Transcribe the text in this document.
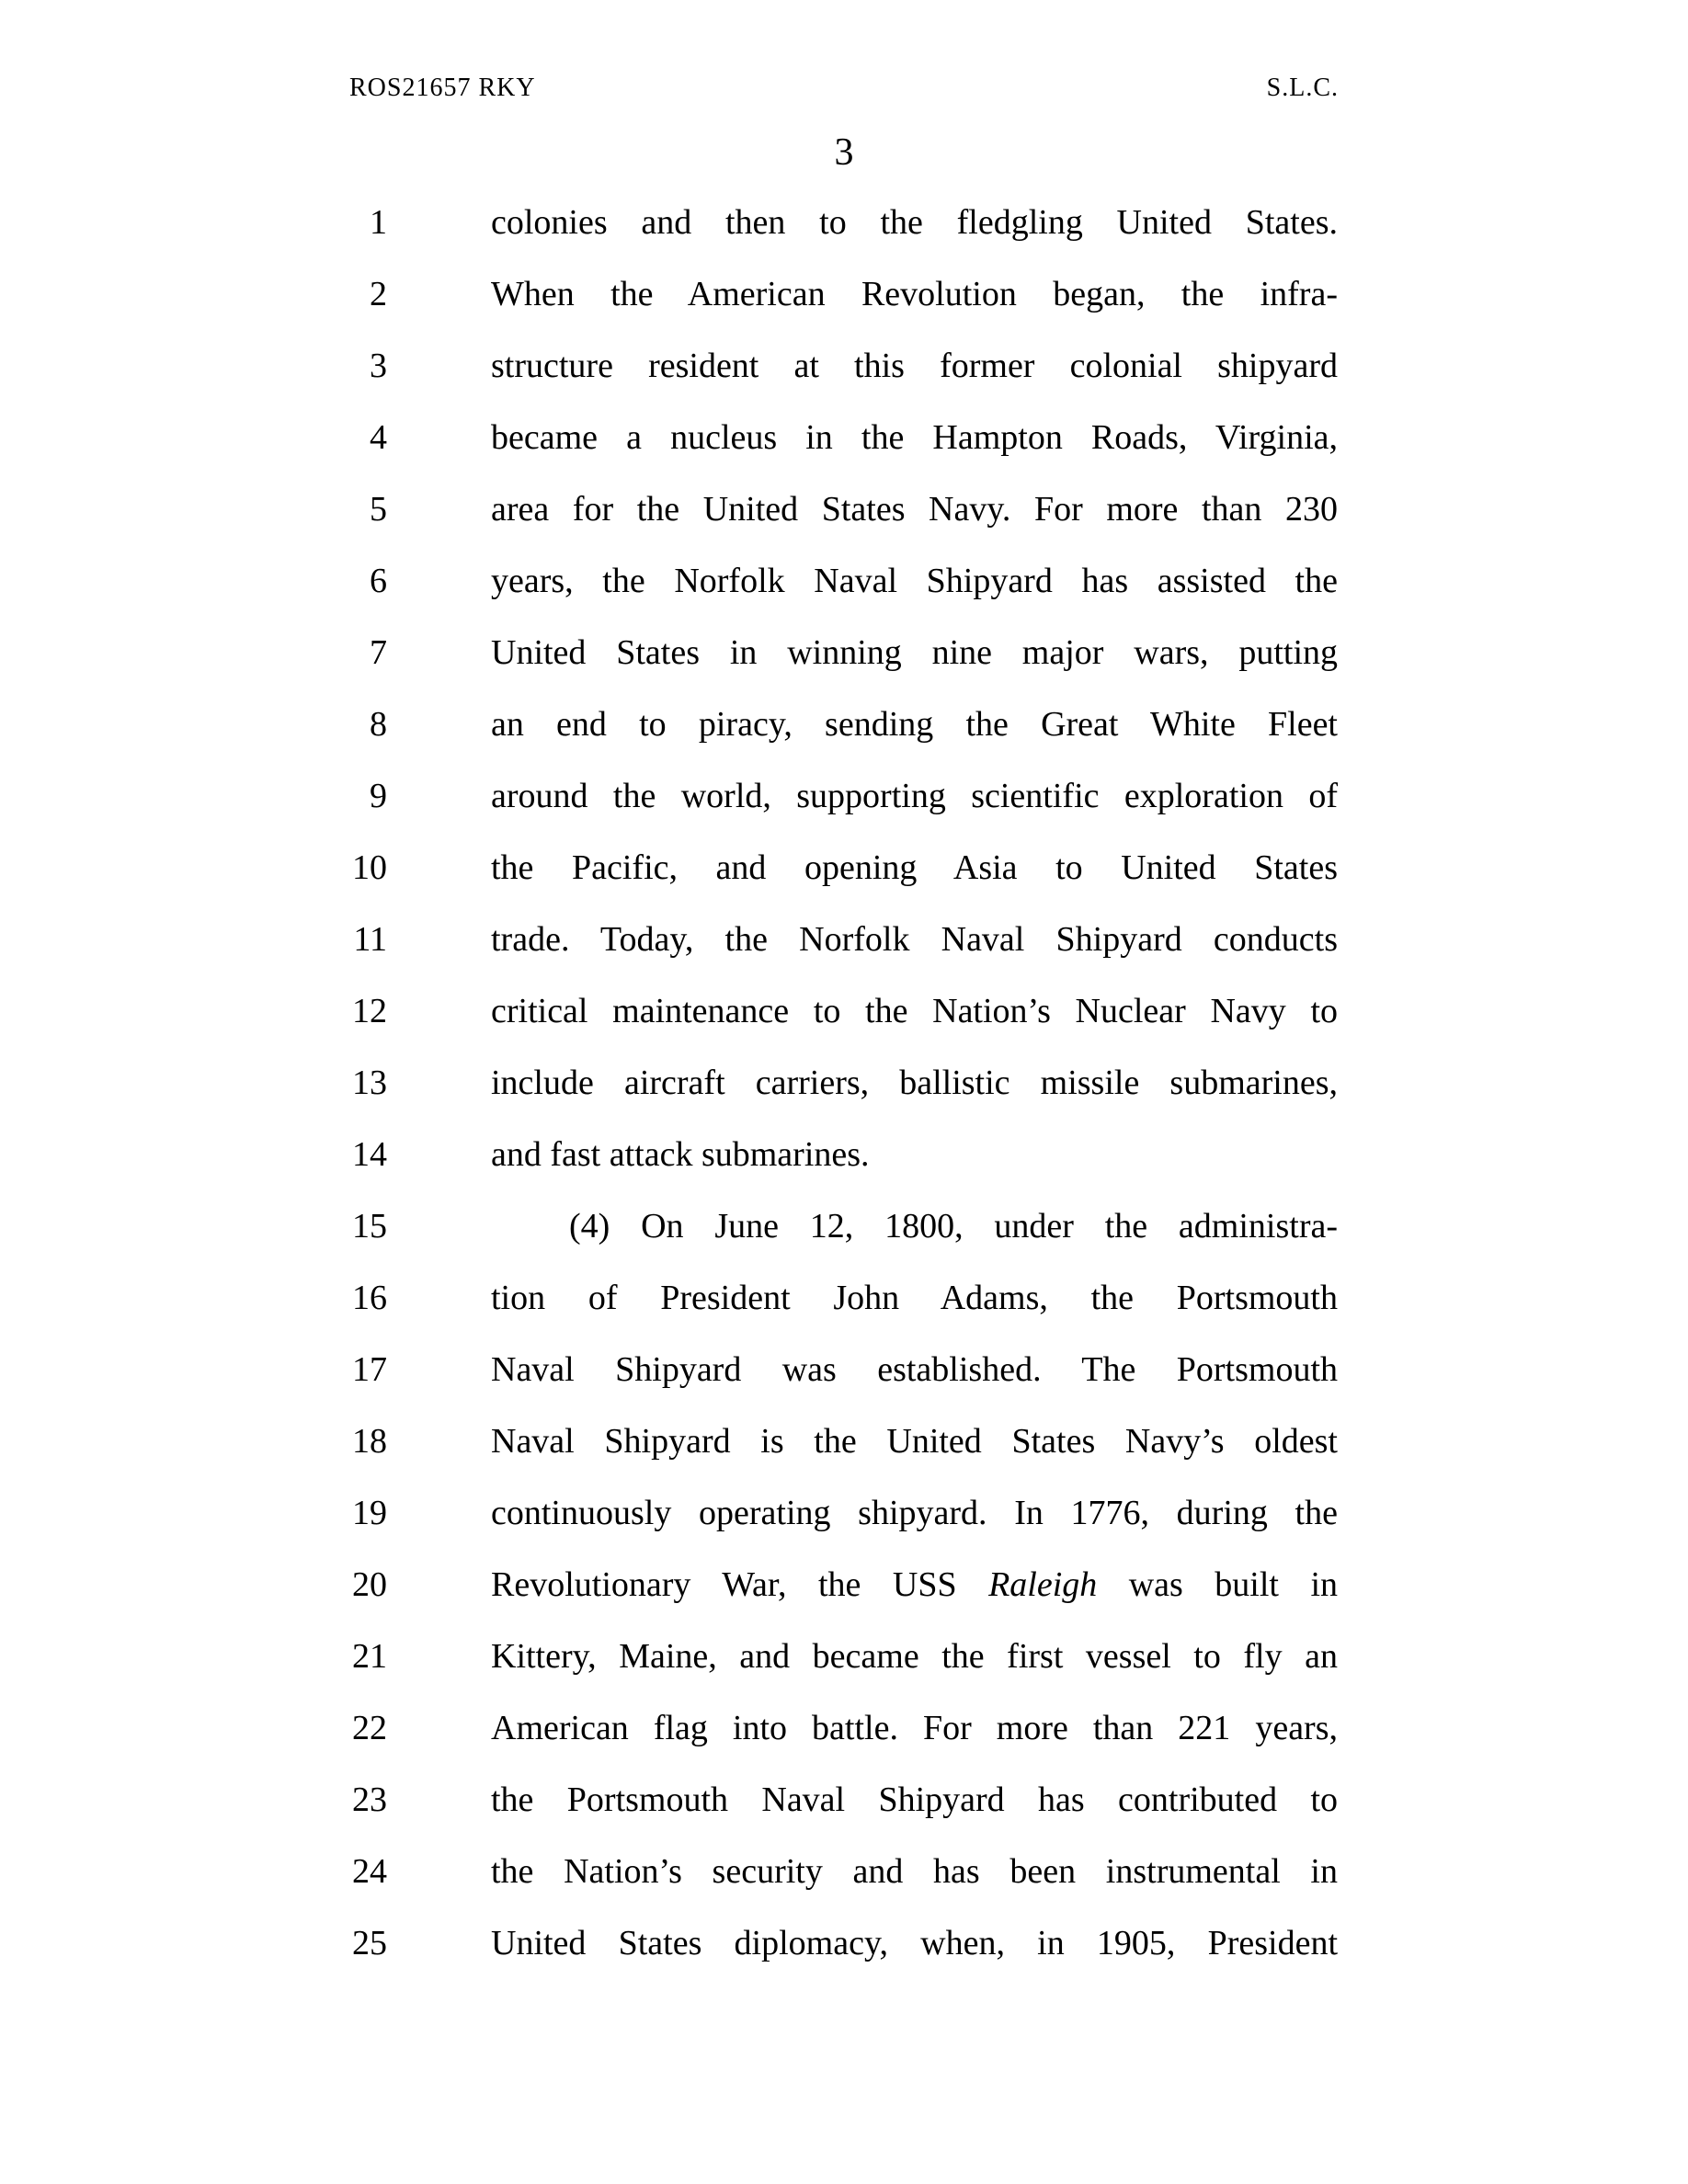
ROS21657 RKY	S.L.C.
3
1	colonies and then to the fledgling United States.
2	When the American Revolution began, the infra-
3	structure resident at this former colonial shipyard
4	became a nucleus in the Hampton Roads, Virginia,
5	area for the United States Navy. For more than 230
6	years, the Norfolk Naval Shipyard has assisted the
7	United States in winning nine major wars, putting
8	an end to piracy, sending the Great White Fleet
9	around the world, supporting scientific exploration of
10	the Pacific, and opening Asia to United States
11	trade. Today, the Norfolk Naval Shipyard conducts
12	critical maintenance to the Nation’s Nuclear Navy to
13	include aircraft carriers, ballistic missile submarines,
14	and fast attack submarines.
15	(4) On June 12, 1800, under the administra-
16	tion of President John Adams, the Portsmouth
17	Naval Shipyard was established. The Portsmouth
18	Naval Shipyard is the United States Navy’s oldest
19	continuously operating shipyard. In 1776, during the
20	Revolutionary War, the USS Raleigh was built in
21	Kittery, Maine, and became the first vessel to fly an
22	American flag into battle. For more than 221 years,
23	the Portsmouth Naval Shipyard has contributed to
24	the Nation’s security and has been instrumental in
25	United States diplomacy, when, in 1905, President
